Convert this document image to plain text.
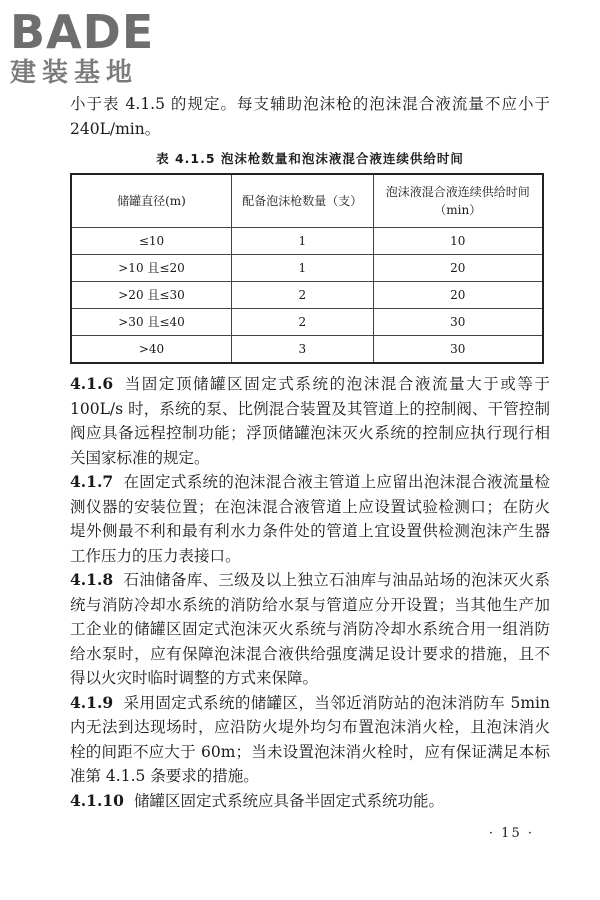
BADE
建装基地

小于表 4.1.5 的规定。每支辅助泡沫枪的泡沫混合液流量不应小于 240L/min。

表 4.1.5 泡沫枪数量和泡沫液混合液连续供给时间
储罐直径(m)	配备泡沫枪数量（支）	泡沫液混合液连续供给时间（min）
≤10	1	10
>10 且≤20	1	20
>20 且≤30	2	20
>30 且≤40	2	30
>40	3	30

4.1.6 当固定顶储罐区固定式系统的泡沫混合液流量大于或等于 100L/s 时，系统的泵、比例混合装置及其管道上的控制阀、干管控制阀应具备远程控制功能；浮顶储罐泡沫灭火系统的控制应执行现行相关国家标准的规定。

4.1.7 在固定式系统的泡沫混合液主管道上应留出泡沫混合液流量检测仪器的安装位置；在泡沫混合液管道上应设置试验检测口；在防火堤外侧最不利和最有利水力条件处的管道上宜设置供检测泡沫产生器工作压力的压力表接口。

4.1.8 石油储备库、三级及以上独立石油库与油品站场的泡沫灭火系统与消防冷却水系统的消防给水泵与管道应分开设置；当其他生产加工企业的储罐区固定式泡沫灭火系统与消防冷却水系统合用一组消防给水泵时，应有保障泡沫混合液供给强度满足设计要求的措施，且不得以火灾时临时调整的方式来保障。

4.1.9 采用固定式系统的储罐区，当邻近消防站的泡沫消防车 5min 内无法到达现场时，应沿防火堤外均匀布置泡沫消火栓，且泡沫消火栓的间距不应大于 60m；当未设置泡沫消火栓时，应有保证满足本标准第 4.1.5 条要求的措施。

4.1.10 储罐区固定式系统应具备半固定式系统功能。

· 15 ·
